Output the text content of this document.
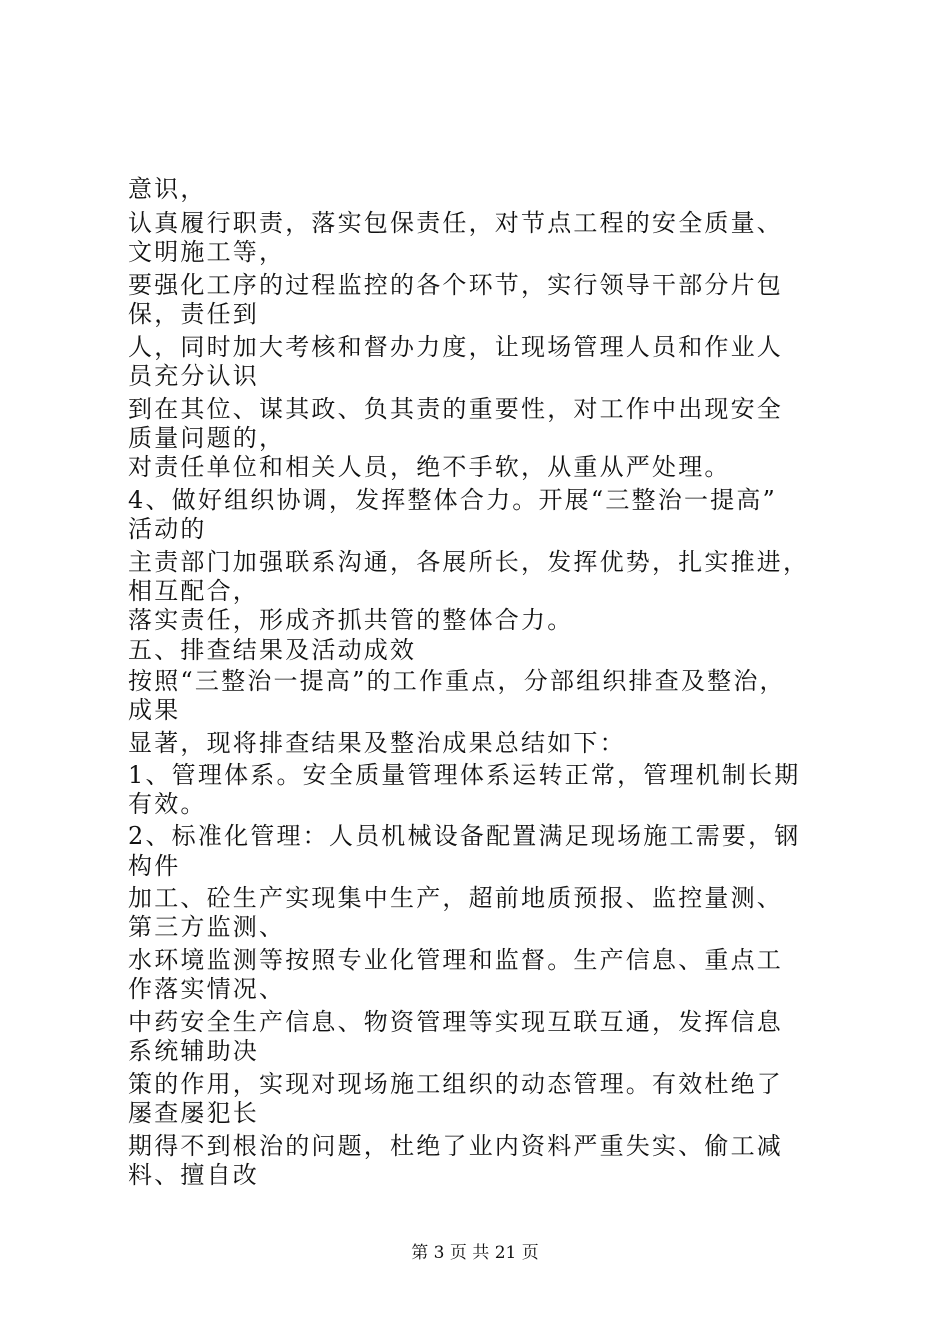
意识，
认真履行职责，落实包保责任，对节点工程的安全质量、
文明施工等，
要强化工序的过程监控的各个环节，实行领导干部分片包
保，责任到
人，同时加大考核和督办力度，让现场管理人员和作业人
员充分认识
到在其位、谋其政、负其责的重要性，对工作中出现安全
质量问题的，
对责任单位和相关人员，绝不手软，从重从严处理。
4、做好组织协调，发挥整体合力。开展“三整治一提高”
活动的
主责部门加强联系沟通，各展所长，发挥优势，扎实推进，
相互配合，
落实责任，形成齐抓共管的整体合力。
五、排查结果及活动成效
按照“三整治一提高”的工作重点，分部组织排查及整治，
成果
显著，现将排查结果及整治成果总结如下：
1、管理体系。安全质量管理体系运转正常，管理机制长期
有效。
2、标准化管理：人员机械设备配置满足现场施工需要，钢
构件
加工、砼生产实现集中生产，超前地质预报、监控量测、
第三方监测、
水环境监测等按照专业化管理和监督。生产信息、重点工
作落实情况、
中药安全生产信息、物资管理等实现互联互通，发挥信息
系统辅助决
策的作用，实现对现场施工组织的动态管理。有效杜绝了
屡查屡犯长
期得不到根治的问题，杜绝了业内资料严重失实、偷工减
料、擅自改
第 3 页 共 21 页
